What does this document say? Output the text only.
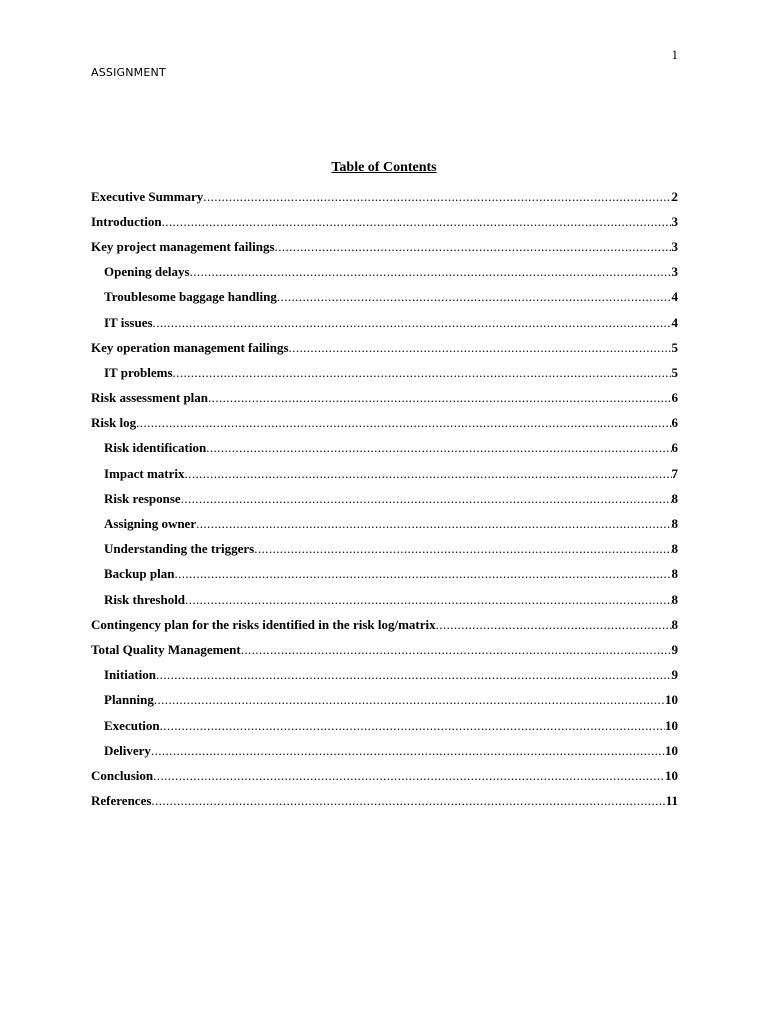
1
ASSIGNMENT
Table of Contents
Executive Summary .....	2
Introduction .....	3
Key project management failings .....	3
Opening delays .....	3
Troublesome baggage handling .....	4
IT issues .....	4
Key operation management failings .....	5
IT problems .....	5
Risk assessment plan .....	6
Risk log .....	6
Risk identification .....	6
Impact matrix .....	7
Risk response .....	8
Assigning owner .....	8
Understanding the triggers .....	8
Backup plan .....	8
Risk threshold .....	8
Contingency plan for the risks identified in the risk log/matrix .....	8
Total Quality Management .....	9
Initiation .....	9
Planning .....	10
Execution .....	10
Delivery .....	10
Conclusion .....	10
References .....	11
